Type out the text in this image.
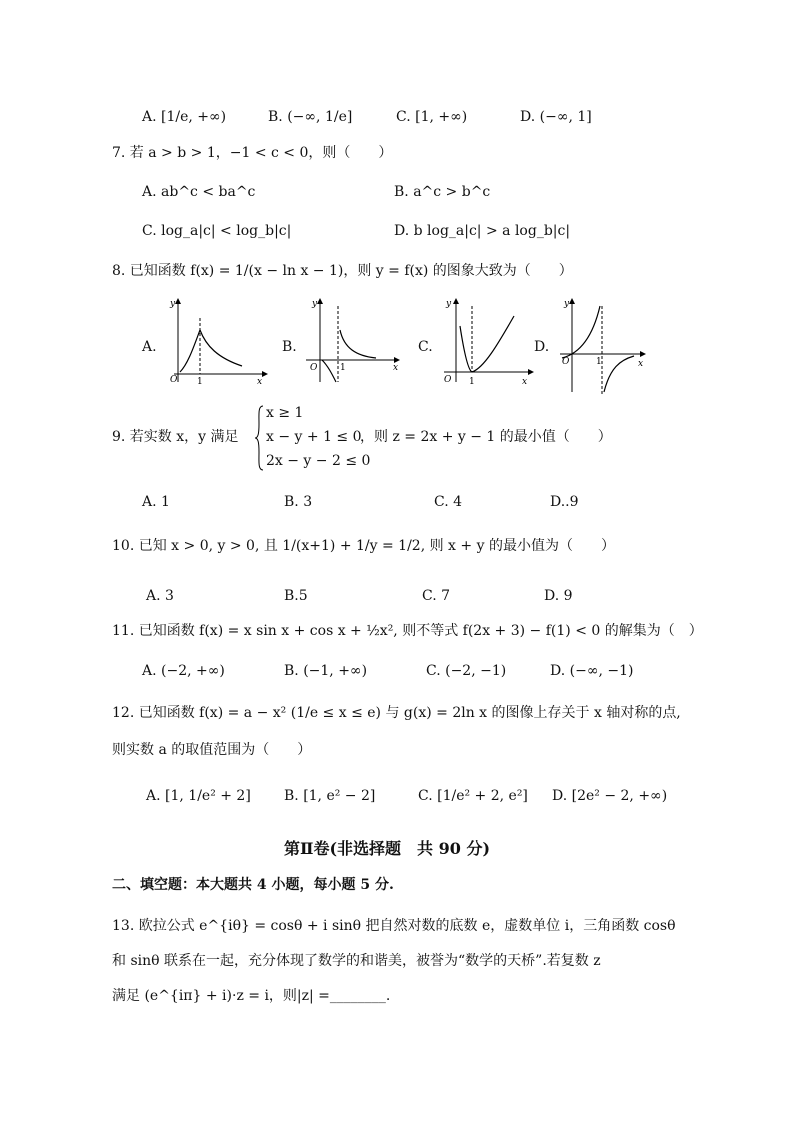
A. [1/e, +∞)	B. (−∞, 1/e]	C. [1, +∞)	D. (−∞, 1]
7. 若 a > b > 1，−1 < c < 0，则（　　）
A. ab^c < ba^c	B. a^c > b^c
C. log_a|c| < log_b|c|	D. b log_a|c| > a log_b|c|
8. 已知函数 f(x) = 1/(x − ln x − 1)，则 y = f(x) 的图象大致为（　　）
A.
O 1	x
y
B.
O	1	x
y
C.
O 1	x
y
D.
O	1	x
y
9. 若实数 x，y 满足
x ≥ 1
x − y + 1 ≤ 0
2x − y − 2 ≤ 0
，则 z = 2x + y − 1 的最小值（　　）
A. 1	B. 3	C. 4	D..9
10. 已知 x > 0, y > 0, 且 1/(x+1) + 1/y = 1/2, 则 x + y 的最小值为（　　）
A. 3	B.5	C. 7	D. 9
11. 已知函数 f(x) = x sin x + cos x + ½x², 则不等式 f(2x + 3) − f(1) < 0 的解集为（　）
A. (−2, +∞)	B. (−1, +∞)	C. (−2, −1)	D. (−∞, −1)
12. 已知函数 f(x) = a − x² (1/e ≤ x ≤ e) 与 g(x) = 2ln x 的图像上存关于 x 轴对称的点,
则实数 a 的取值范围为（　　）
A. [1, 1/e² + 2] B. [1, e² − 2]	C. [1/e² + 2, e²] D. [2e² − 2, +∞)
第Ⅱ卷(非选择题　共 90 分)
二、填空题：本大题共 4 小题，每小题 5 分.
13. 欧拉公式 e^{iθ} = cosθ + i sinθ 把自然对数的底数 e，虚数单位 i，三角函数 cosθ
和 sinθ 联系在一起，充分体现了数学的和谐美，被誉为“数学的天桥”.若复数 z
满足 (e^{iπ} + i)·z = i，则|z| =________.
